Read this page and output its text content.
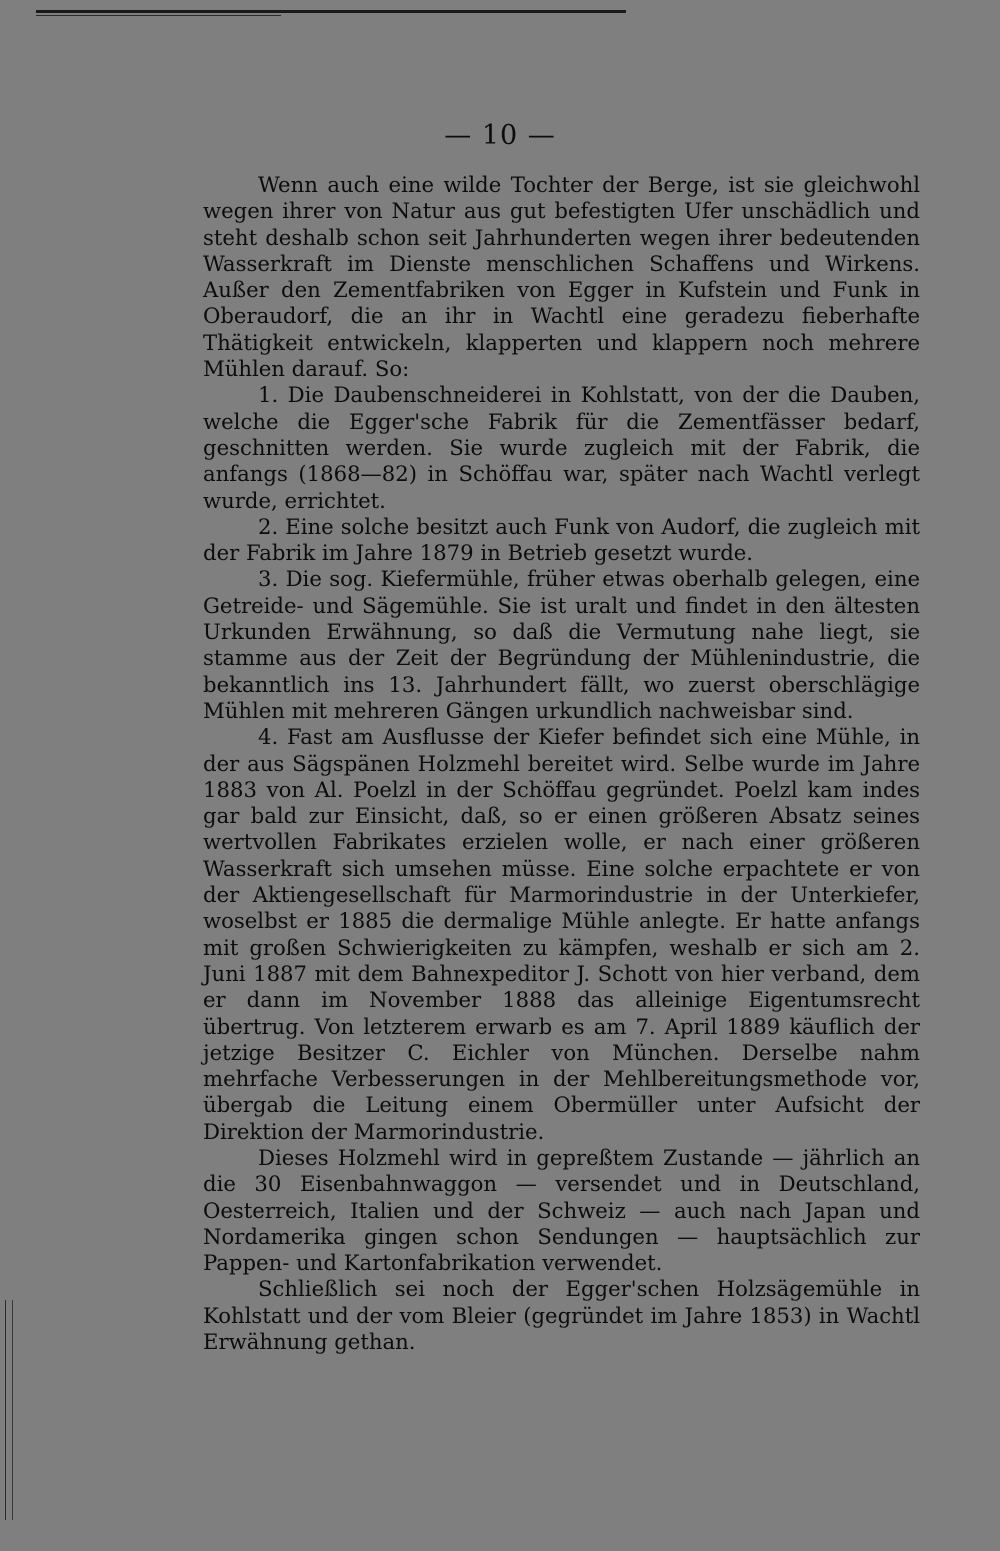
— 10 —

Wenn auch eine wilde Tochter der Berge, ist sie gleichwohl wegen ihrer von Natur aus gut befestigten Ufer unschädlich und steht deshalb schon seit Jahrhunderten wegen ihrer bedeutenden Wasserkraft im Dienste menschlichen Schaffens und Wirkens. Außer den Zementfabriken von Egger in Kufstein und Funk in Oberaudorf, die an ihr in Wachtl eine geradezu fieberhafte Thätigkeit entwickeln, klapperten und klappern noch mehrere Mühlen darauf. So:

1. Die Daubenschneiderei in Kohlstatt, von der die Dauben, welche die Egger'sche Fabrik für die Zementfässer bedarf, geschnitten werden. Sie wurde zugleich mit der Fabrik, die anfangs (1868—82) in Schöffau war, später nach Wachtl verlegt wurde, errichtet.

2. Eine solche besitzt auch Funk von Audorf, die zugleich mit der Fabrik im Jahre 1879 in Betrieb gesetzt wurde.

3. Die sog. Kiefermühle, früher etwas oberhalb gelegen, eine Getreide- und Sägemühle. Sie ist uralt und findet in den ältesten Urkunden Erwähnung, so daß die Vermutung nahe liegt, sie stamme aus der Zeit der Begründung der Mühlenindustrie, die bekanntlich ins 13. Jahrhundert fällt, wo zuerst oberschlägige Mühlen mit mehreren Gängen urkundlich nachweisbar sind.

4. Fast am Ausflusse der Kiefer befindet sich eine Mühle, in der aus Sägspänen Holzmehl bereitet wird. Selbe wurde im Jahre 1883 von Al. Poelzl in der Schöffau gegründet. Poelzl kam indes gar bald zur Einsicht, daß, so er einen größeren Absatz seines wertvollen Fabrikates erzielen wolle, er nach einer größeren Wasserkraft sich umsehen müsse. Eine solche erpachtete er von der Aktiengesellschaft für Marmorindustrie in der Unterkiefer, woselbst er 1885 die dermalige Mühle anlegte. Er hatte anfangs mit großen Schwierigkeiten zu kämpfen, weshalb er sich am 2. Juni 1887 mit dem Bahnexpeditor J. Schott von hier verband, dem er dann im November 1888 das alleinige Eigentumsrecht übertrug. Von letzterem erwarb es am 7. April 1889 käuflich der jetzige Besitzer C. Eichler von München. Derselbe nahm mehrfache Verbesserungen in der Mehlbereitungsmethode vor, übergab die Leitung einem Obermüller unter Aufsicht der Direktion der Marmorindustrie.

Dieses Holzmehl wird in gepreßtem Zustande — jährlich an die 30 Eisenbahnwaggon — versendet und in Deutschland, Oesterreich, Italien und der Schweiz — auch nach Japan und Nordamerika gingen schon Sendungen — hauptsächlich zur Pappen- und Kartonfabrikation verwendet.

Schließlich sei noch der Egger'schen Holzsägemühle in Kohlstatt und der vom Bleier (gegründet im Jahre 1853) in Wachtl Erwähnung gethan.
